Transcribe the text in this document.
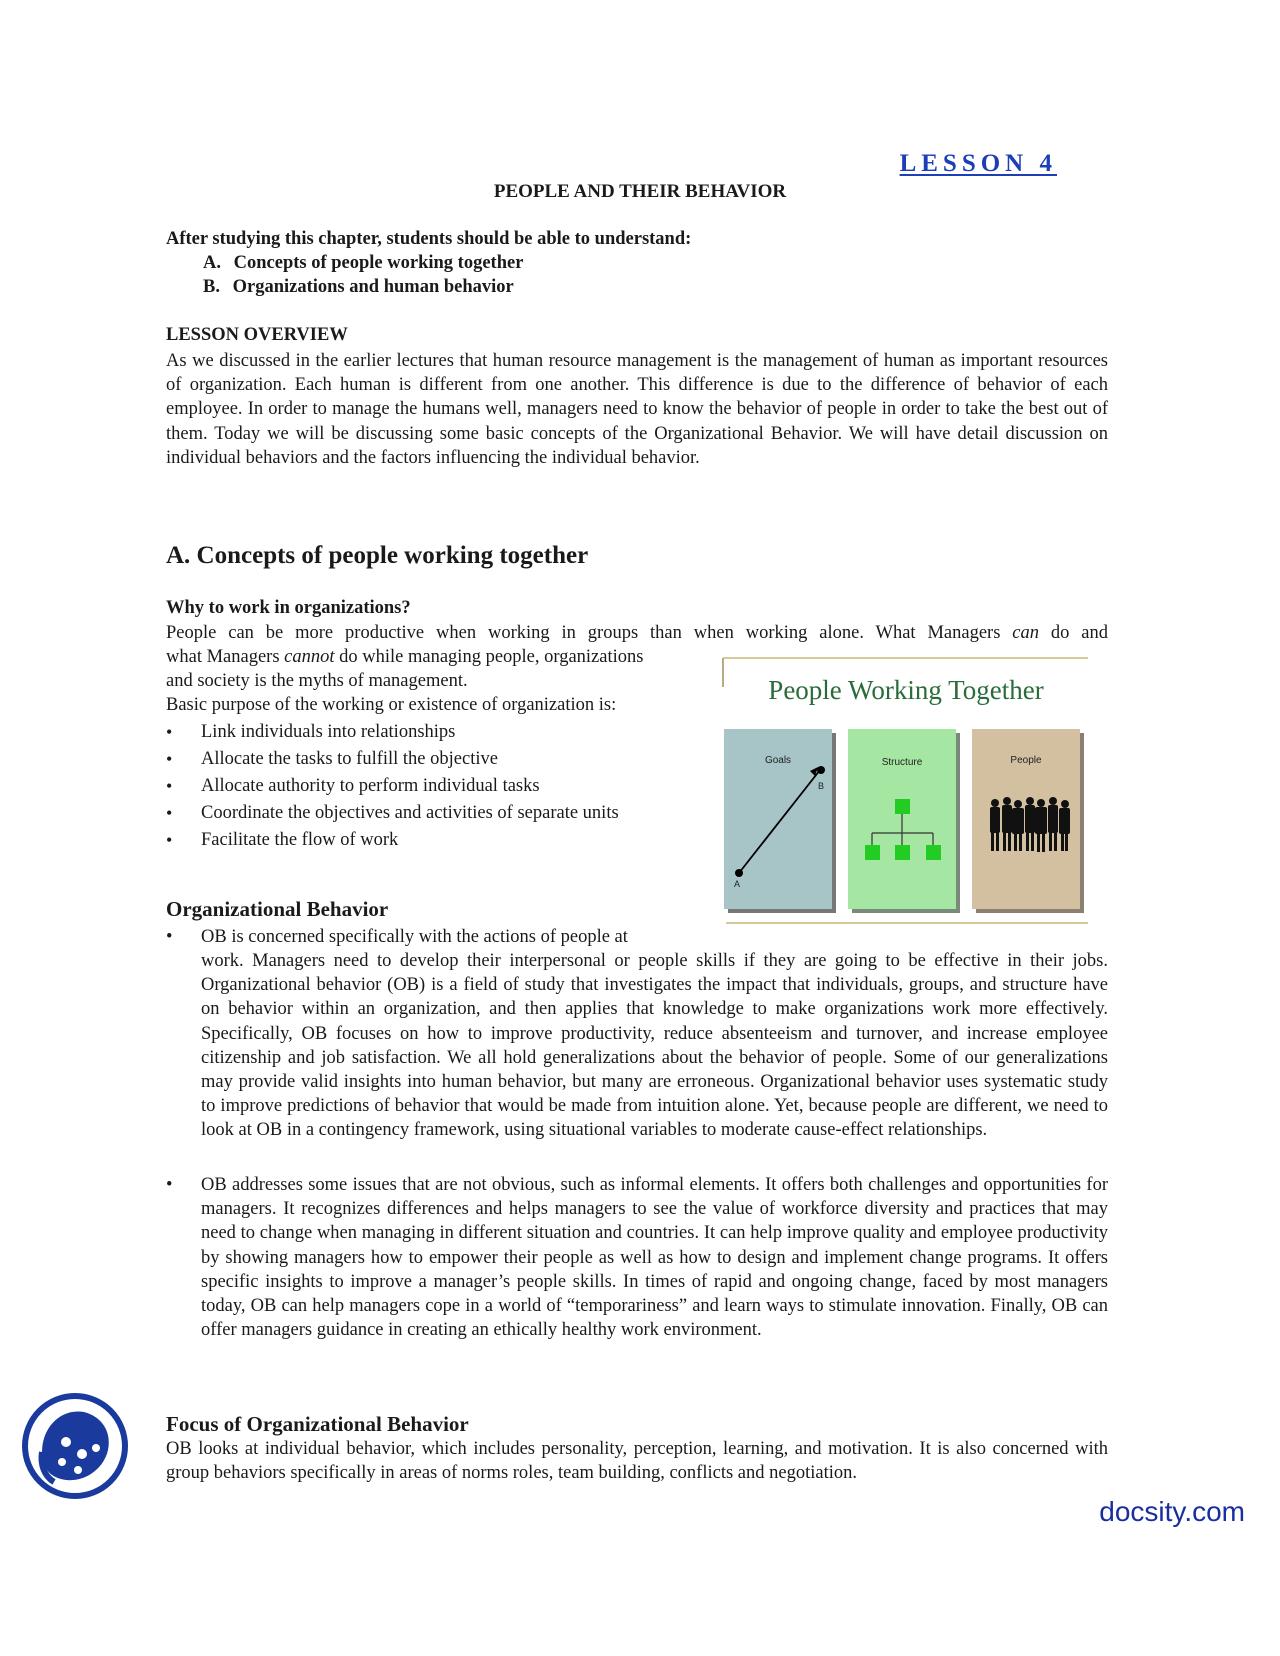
LESSON 4
PEOPLE AND THEIR BEHAVIOR
After studying this chapter, students should be able to understand:
A. Concepts of people working together
B. Organizations and human behavior
LESSON OVERVIEW
As we discussed in the earlier lectures that human resource management is the management of human as important resources of organization. Each human is different from one another. This difference is due to the difference of behavior of each employee. In order to manage the humans well, managers need to know the behavior of people in order to take the best out of them. Today we will be discussing some basic concepts of the Organizational Behavior. We will have detail discussion on individual behaviors and the factors influencing the individual behavior.
A. Concepts of people working together
Why to work in organizations?
People can be more productive when working in groups than when working alone. What Managers can do and
what Managers cannot do while managing people, organizations
and society is the myths of management.
Basic purpose of the working or existence of organization is:
• Link individuals into relationships
• Allocate the tasks to fulfill the objective
• Allocate authority to perform individual tasks
• Coordinate the objectives and activities of separate units
• Facilitate the flow of work
People Working Together
Goals	Structure	People
A
B
Organizational Behavior
• OB is concerned specifically with the actions of people at
work. Managers need to develop their interpersonal or people skills if they are going to be effective in their jobs. Organizational behavior (OB) is a field of study that investigates the impact that individuals, groups, and structure have on behavior within an organization, and then applies that knowledge to make organizations work more effectively. Specifically, OB focuses on how to improve productivity, reduce absenteeism and turnover, and increase employee citizenship and job satisfaction. We all hold generalizations about the behavior of people. Some of our generalizations may provide valid insights into human behavior, but many are erroneous. Organizational behavior uses systematic study to improve predictions of behavior that would be made from intuition alone. Yet, because people are different, we need to look at OB in a contingency framework, using situational variables to moderate cause-effect relationships.
• OB addresses some issues that are not obvious, such as informal elements. It offers both challenges and opportunities for managers. It recognizes differences and helps managers to see the value of workforce diversity and practices that may need to change when managing in different situation and countries. It can help improve quality and employee productivity by showing managers how to empower their people as well as how to design and implement change programs. It offers specific insights to improve a manager’s people skills. In times of rapid and ongoing change, faced by most managers today, OB can help managers cope in a world of “temporariness” and learn ways to stimulate innovation. Finally, OB can offer managers guidance in creating an ethically healthy work environment.
Focus of Organizational Behavior
OB looks at individual behavior, which includes personality, perception, learning, and motivation. It is also concerned with group behaviors specifically in areas of norms roles, team building, conflicts and negotiation.
docsity.com
